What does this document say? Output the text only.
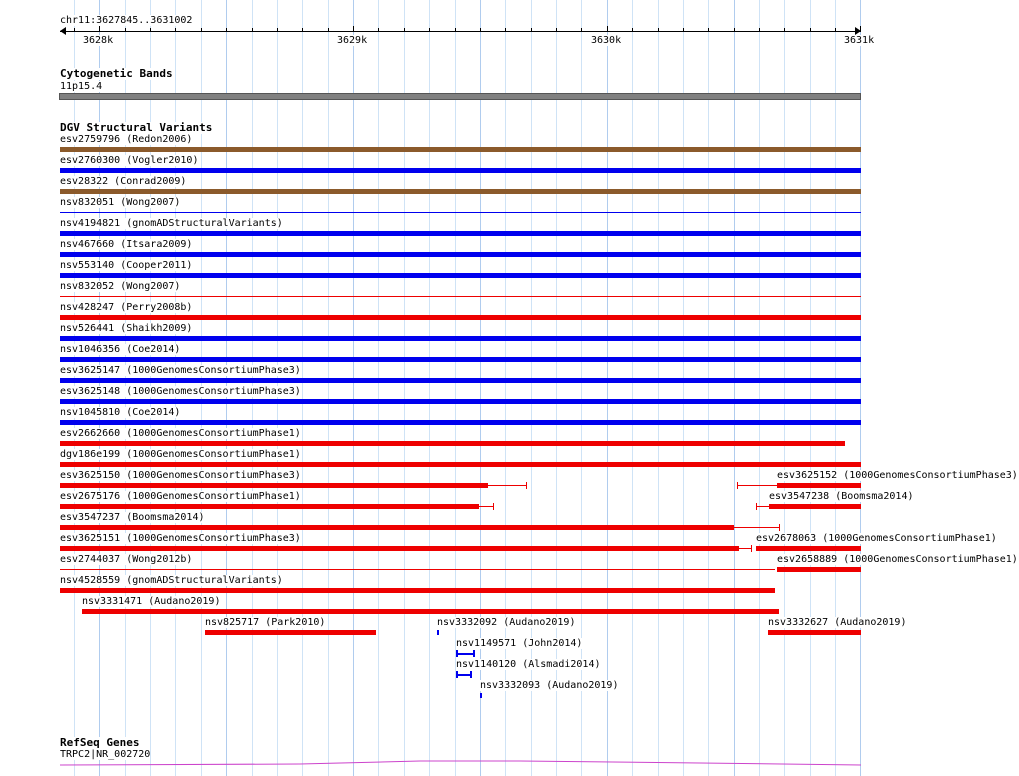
chr11:3627845..3631002
3628k	3629k	3630k	3631k
Cytogenetic Bands
11p15.4
DGV Structural Variants
esv2759796 (Redon2006)
esv2760300 (Vogler2010)
esv28322 (Conrad2009)
nsv832051 (Wong2007)
nsv4194821 (gnomADStructuralVariants)
nsv467660 (Itsara2009)
nsv553140 (Cooper2011)
nsv832052 (Wong2007)
nsv428247 (Perry2008b)
nsv526441 (Shaikh2009)
nsv1046356 (Coe2014)
esv3625147 (1000GenomesConsortiumPhase3)
esv3625148 (1000GenomesConsortiumPhase3)
nsv1045810 (Coe2014)
esv2662660 (1000GenomesConsortiumPhase1)
dgv186e199 (1000GenomesConsortiumPhase1)
esv3625150 (1000GenomesConsortiumPhase3)	esv3625152 (1000GenomesConsortiumPhase3)
esv2675176 (1000GenomesConsortiumPhase1)	esv3547238 (Boomsma2014)
esv3547237 (Boomsma2014)
esv3625151 (1000GenomesConsortiumPhase3)	esv2678063 (1000GenomesConsortiumPhase1)
esv2744037 (Wong2012b)	esv2658889 (1000GenomesConsortiumPhase1)
nsv4528559 (gnomADStructuralVariants)
nsv3331471 (Audano2019)
nsv825717 (Park2010)	nsv3332092 (Audano2019)	nsv3332627 (Audano2019)
nsv1149571 (John2014)
nsv1140120 (Alsmadi2014)
nsv3332093 (Audano2019)
RefSeq Genes
TRPC2|NR_002720
